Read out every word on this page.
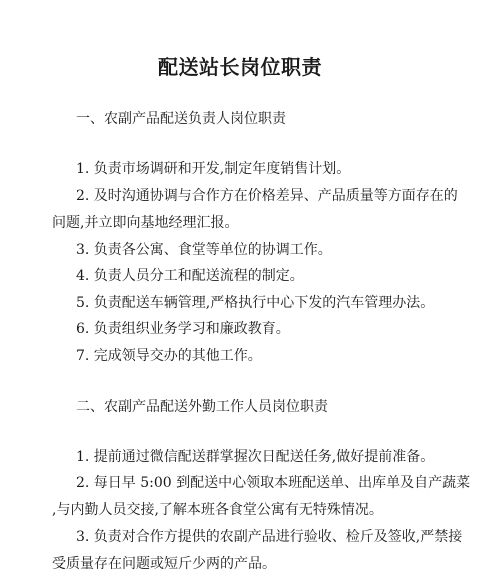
配送站长岗位职责
一、农副产品配送负责人岗位职责
1. 负责市场调研和开发,制定年度销售计划。
2. 及时沟通协调与合作方在价格差异、产品质量等方面存在的
问题,并立即向基地经理汇报。
3. 负责各公寓、食堂等单位的协调工作。
4. 负责人员分工和配送流程的制定。
5. 负责配送车辆管理,严格执行中心下发的汽车管理办法。
6. 负责组织业务学习和廉政教育。
7. 完成领导交办的其他工作。
二、农副产品配送外勤工作人员岗位职责
1. 提前通过微信配送群掌握次日配送任务,做好提前准备。
2. 每日早 5:00 到配送中心领取本班配送单、出库单及自产蔬菜
,与内勤人员交接,了解本班各食堂公寓有无特殊情况。
3. 负责对合作方提供的农副产品进行验收、检斤及签收,严禁接
受质量存在问题或短斤少两的产品。
